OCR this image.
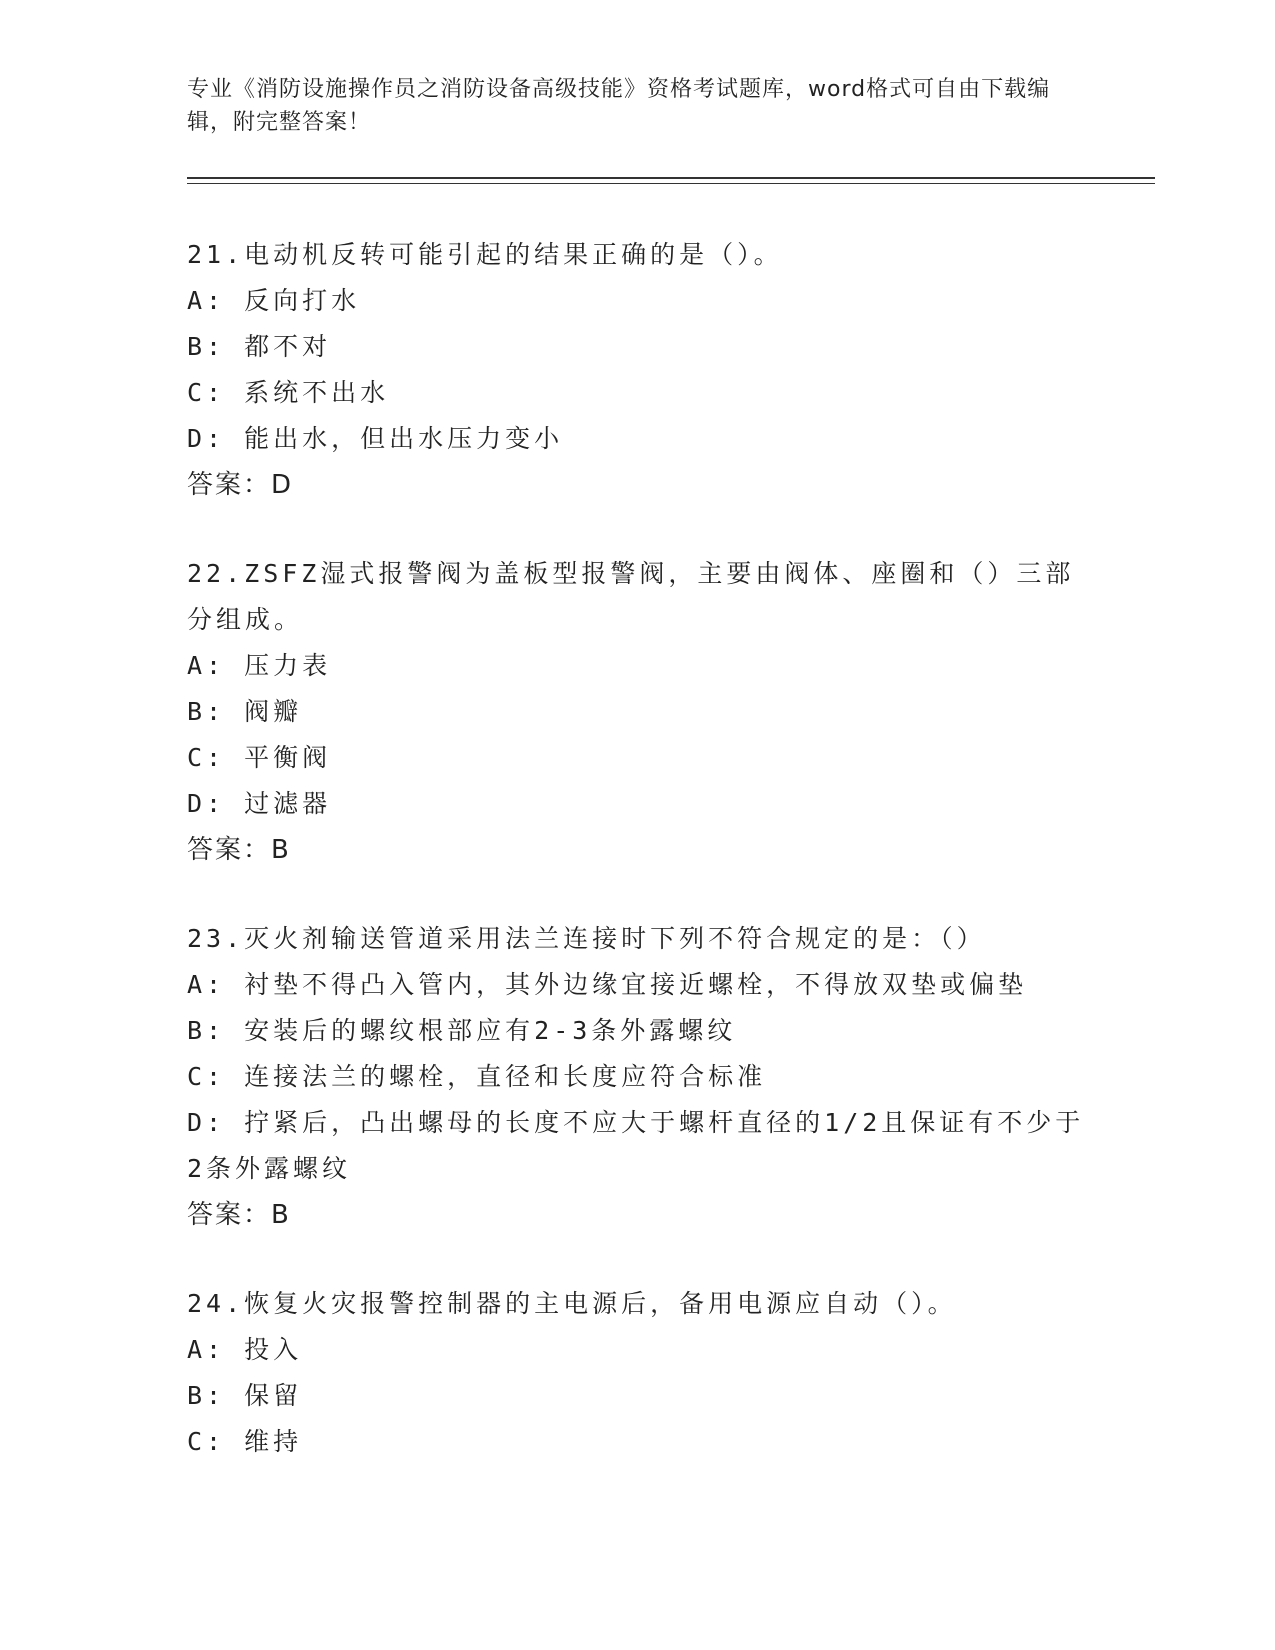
专业《消防设施操作员之消防设备高级技能》资格考试题库，word格式可自由下载编辑，附完整答案！
21.电动机反转可能引起的结果正确的是（）。
A: 反向打水
B: 都不对
C: 系统不出水
D: 能出水，但出水压力变小
答案：D
22.ZSFZ湿式报警阀为盖板型报警阀，主要由阀体、座圈和（）三部分组成。
A: 压力表
B: 阀瓣
C: 平衡阀
D: 过滤器
答案：B
23.灭火剂输送管道采用法兰连接时下列不符合规定的是：（）
A: 衬垫不得凸入管内，其外边缘宜接近螺栓，不得放双垫或偏垫
B: 安装后的螺纹根部应有2-3条外露螺纹
C: 连接法兰的螺栓，直径和长度应符合标准
D: 拧紧后，凸出螺母的长度不应大于螺杆直径的1/2且保证有不少于2条外露螺纹
答案：B
24.恢复火灾报警控制器的主电源后，备用电源应自动（）。
A: 投入
B: 保留
C: 维持
